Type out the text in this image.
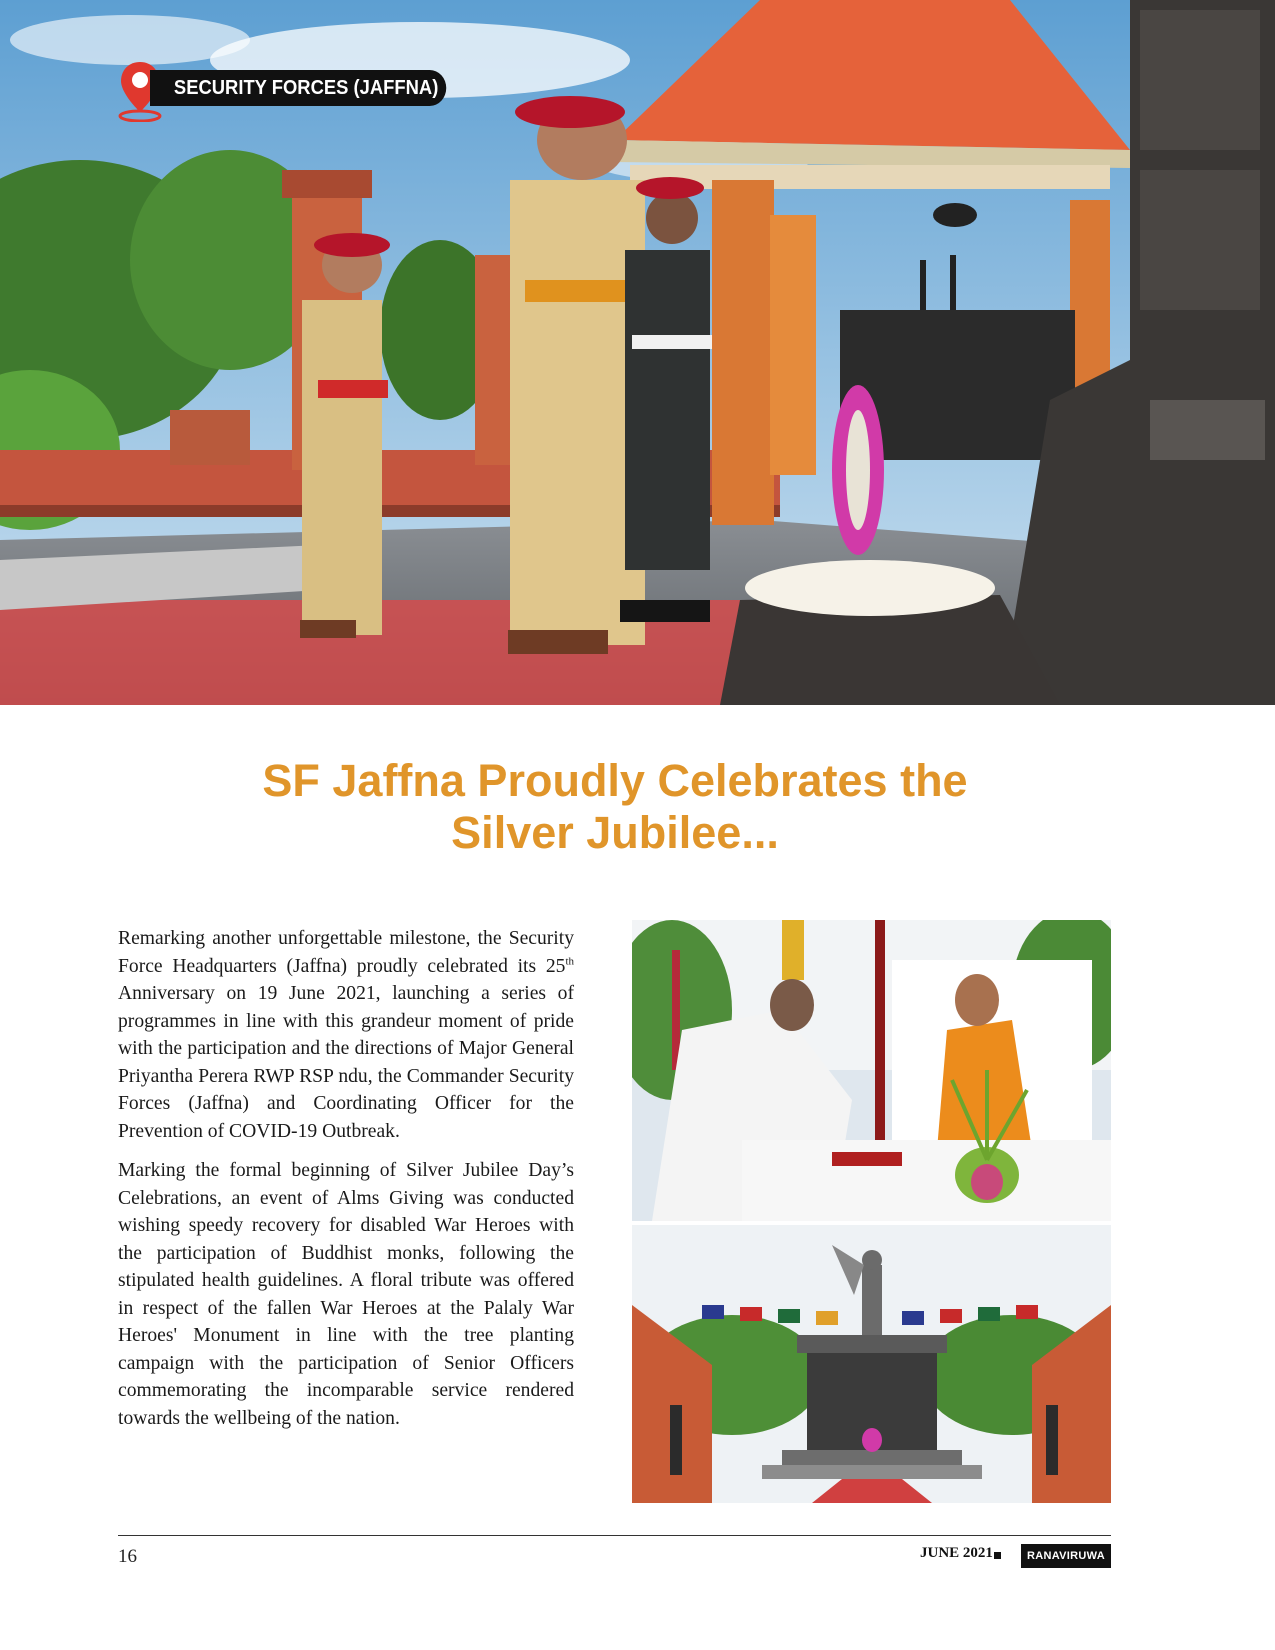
SECURITY FORCES (JAFFNA)
SF Jaffna Proudly Celebrates the
Silver Jubilee...

Remarking another unforgettable milestone, the Security Force Headquarters (Jaffna) proudly celebrated its 25th Anniversary on 19 June 2021, launching a series of programmes in line with this grandeur moment of pride with the participation and the directions of Major General Priyantha Perera RWP RSP ndu, the Commander Security Forces (Jaffna) and Coordinating Officer for the Prevention of COVID-19 Outbreak.

Marking the formal beginning of Silver Jubilee Day’s Celebrations, an event of Alms Giving was conducted wishing speedy recovery for disabled War Heroes with the participation of Buddhist monks, following the stipulated health guidelines. A floral tribute was offered in respect of the fallen War Heroes at the Palaly War Heroes' Monument in line with the tree planting campaign with the participation of Senior Officers commemorating the incomparable service rendered towards the wellbeing of the nation.

16	JUNE 2021	RANAVIRUWA
